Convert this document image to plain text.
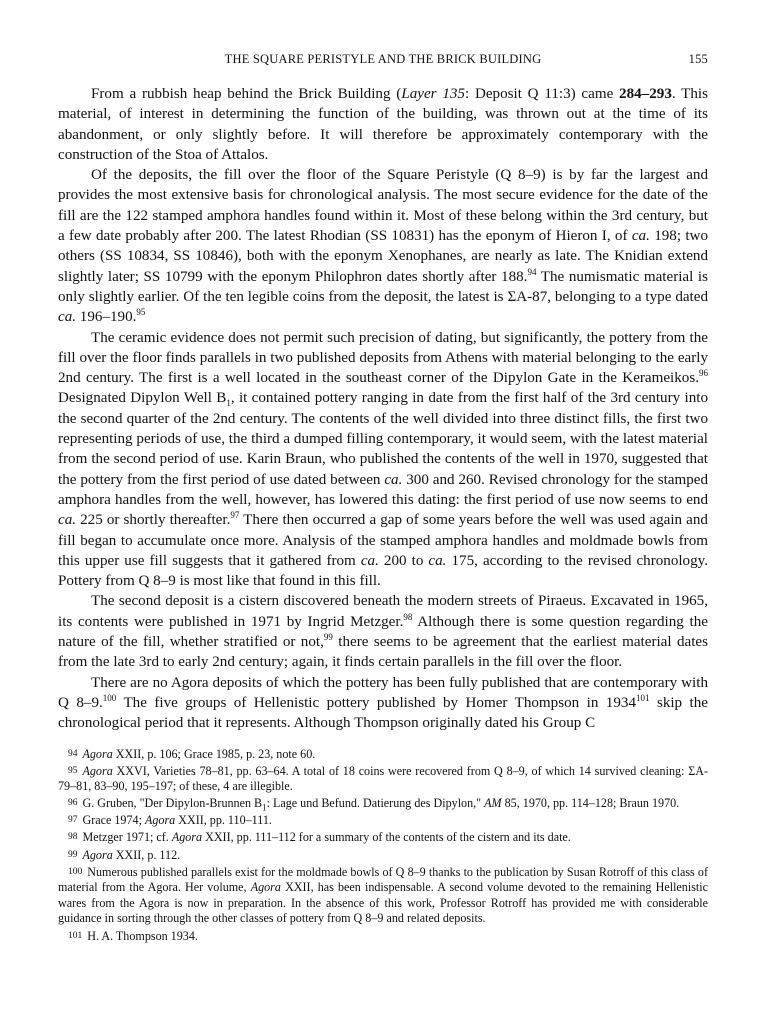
THE SQUARE PERISTYLE AND THE BRICK BUILDING	155

From a rubbish heap behind the Brick Building (Layer 135: Deposit Q 11:3) came 284–293. This material, of interest in determining the function of the building, was thrown out at the time of its abandonment, or only slightly before. It will therefore be approximately contemporary with the construction of the Stoa of Attalos.

Of the deposits, the fill over the floor of the Square Peristyle (Q 8–9) is by far the largest and provides the most extensive basis for chronological analysis. The most secure evidence for the date of the fill are the 122 stamped amphora handles found within it. Most of these belong within the 3rd century, but a few date probably after 200. The latest Rhodian (SS 10831) has the eponym of Hieron I, of ca. 198; two others (SS 10834, SS 10846), both with the eponym Xenophanes, are nearly as late. The Knidian extend slightly later; SS 10799 with the eponym Philophron dates shortly after 188.94 The numismatic material is only slightly earlier. Of the ten legible coins from the deposit, the latest is ΣA-87, belonging to a type dated ca. 196–190.95

The ceramic evidence does not permit such precision of dating, but significantly, the pottery from the fill over the floor finds parallels in two published deposits from Athens with material belonging to the early 2nd century. The first is a well located in the southeast corner of the Dipylon Gate in the Kerameikos.$^{96}$ Designated Dipylon Well $B_1$, it contained pottery ranging in date from the first half of the 3rd century into the second quarter of the 2nd century. The contents of the well divided into three distinct fills, the first two representing periods of use, the third a dumped filling contemporary, it would seem, with the latest material from the second period of use. Karin Braun, who published the contents of the well in 1970, suggested that the pottery from the first period of use dated between ca. 300 and 260. Revised chronology for the stamped amphora handles from the well, however, has lowered this dating: the first period of use now seems to end ca. 225 or shortly thereafter.$^{97}$ There then occurred a gap of some years before the well was used again and fill began to accumulate once more. Analysis of the stamped amphora handles and moldmade bowls from this upper use fill suggests that it gathered from ca. 200 to ca. 175, according to the revised chronology. Pottery from Q 8–9 is most like that found in this fill.

The second deposit is a cistern discovered beneath the modern streets of Piraeus. Excavated in 1965, its contents were published in 1971 by Ingrid Metzger.$^{98}$ Although there is some question regarding the nature of the fill, whether stratified or not,$^{99}$ there seems to be agreement that the earliest material dates from the late 3rd to early 2nd century; again, it finds certain parallels in the fill over the floor.

There are no Agora deposits of which the pottery has been fully published that are contemporary with Q 8–9.$^{100}$ The five groups of Hellenistic pottery published by Homer Thompson in 1934$^{101}$ skip the chronological period that it represents. Although Thompson originally dated his Group C

94 Agora XXII, p. 106; Grace 1985, p. 23, note 60.

95 Agora XXVI, Varieties 78–81, pp. 63–64. A total of 18 coins were recovered from Q 8–9, of which 14 survived cleaning: ΣA-79–81, 83–90, 195–197; of these, 4 are illegible.

96 G. Gruben, "Der Dipylon-Brunnen $B_1$: Lage und Befund. Datierung des Dipylon," AM 85, 1970, pp. 114–128; Braun 1970.

97 Grace 1974; Agora XXII, pp. 110–111.

98 Metzger 1971; cf. Agora XXII, pp. 111–112 for a summary of the contents of the cistern and its date.

99 Agora XXII, p. 112.

100 Numerous published parallels exist for the moldmade bowls of Q 8–9 thanks to the publication by Susan Rotroff of this class of material from the Agora. Her volume, Agora XXII, has been indispensable. A second volume devoted to the remaining Hellenistic wares from the Agora is now in preparation. In the absence of this work, Professor Rotroff has provided me with considerable guidance in sorting through the other classes of pottery from Q 8–9 and related deposits.

101 H. A. Thompson 1934.
